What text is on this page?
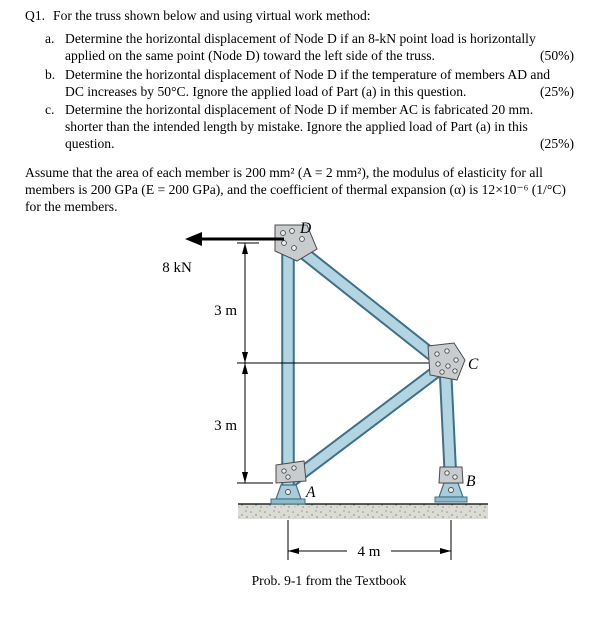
Q1. For the truss shown below and using virtual work method:
a. Determine the horizontal displacement of Node D if an 8-kN point load is horizontally applied on the same point (Node D) toward the left side of the truss.	(50%)
b. Determine the horizontal displacement of Node D if the temperature of members AD and DC increases by 50°C. Ignore the applied load of Part (a) in this question.	(25%)
c. Determine the horizontal displacement of Node D if member AC is fabricated 20 mm. shorter than the intended length by mistake. Ignore the applied load of Part (a) in this question.	(25%)
Assume that the area of each member is 200 mm² (A = 2 mm²), the modulus of elasticity for all members is 200 GPa (E = 200 GPa), and the coefficient of thermal expansion (α) is 12×10⁻⁶ (1/°C) for the members.
8 kN
3 m
3 m
4 m
D
C
A
B
Prob. 9-1 from the Textbook
